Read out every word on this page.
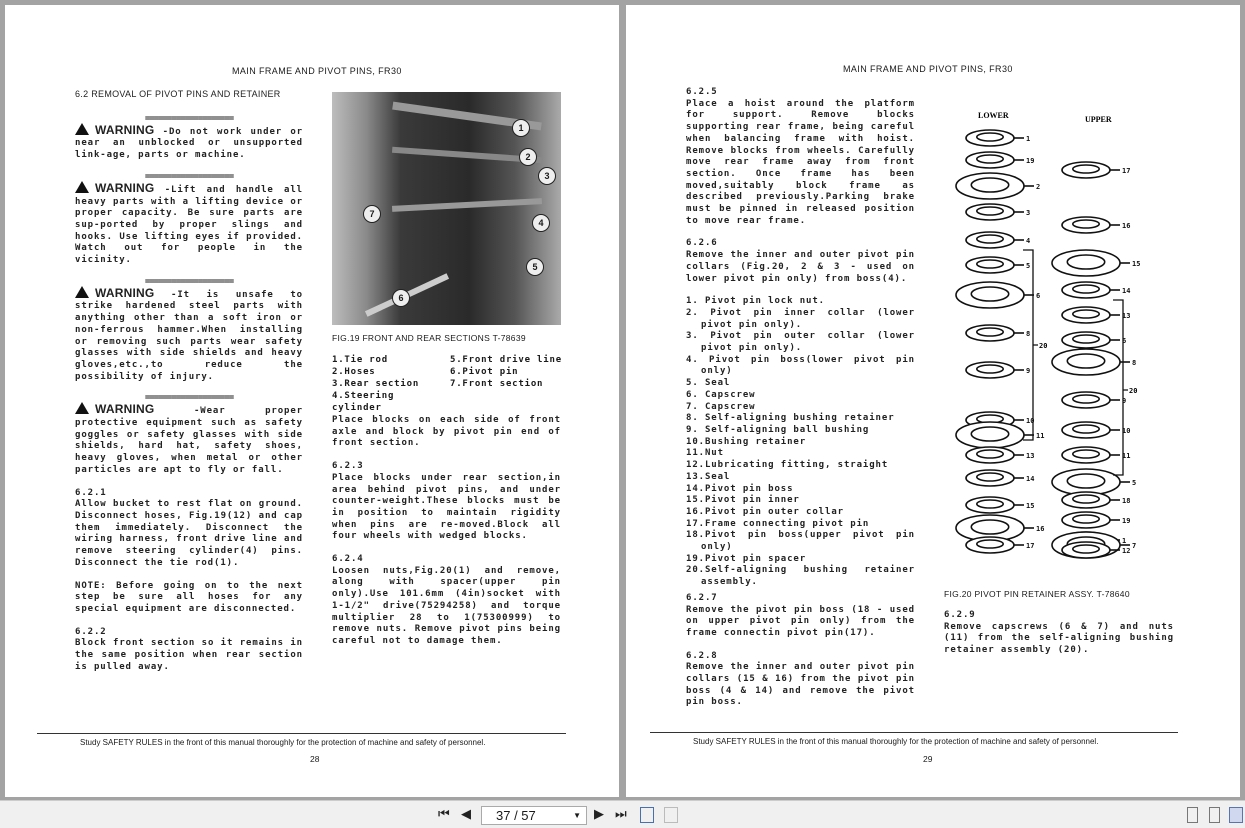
MAIN FRAME AND PIVOT PINS, FR30
6.2 REMOVAL OF PIVOT PINS AND RETAINER
====================

WARNING -Do not work under or near an unblocked or unsupported link-age, parts or machine.

====================

WARNING -Lift and handle all heavy parts with a lifting device or proper capacity. Be sure parts are sup-ported by proper slings and hooks. Use lifting eyes if provided. Watch out for people in the vicinity.

====================

WARNING -It is unsafe to strike hardened steel parts with anything other than a soft iron or non-ferrous hammer.When installing or removing such parts wear safety glasses with side shields and heavy gloves,etc.,to reduce the possibility of injury.

====================

WARNING	-Wear proper protective equipment such as safety goggles or safety glasses with side shields, hard hat, safety shoes, heavy gloves, when metal or other particles are apt to fly or fall.

6.2.1

Allow bucket to rest flat on ground. Disconnect hoses, Fig.19(12) and cap them immediately. Disconnect the wiring harness, front drive line and remove steering cylinder(4) pins. Disconnect the tie rod(1).

NOTE: Before going on to the next step be sure all hoses for any special equipment are disconnected.

6.2.2

Block front section so it remains in the same position when rear section is pulled away.

1
2
3
4
5
6
7
FIG.19 FRONT AND REAR SECTIONS T-78639
1.Tie rod	5.Front drive line
2.Hoses	6.Pivot pin
3.Rear section	7.Front section
4.Steering cylinder

Place blocks on each side of front axle and block by pivot pin end of front section.

6.2.3

Place blocks under rear section,in area behind pivot pins, and under counter-weight.These blocks must be in position to maintain rigidity when pins are re-moved.Block all four wheels with wedged blocks.

6.2.4

Loosen nuts,Fig.20(1) and remove, along with spacer(upper pin only).Use 101.6mm (4in)socket with 1-1/2" drive(75294258) and torque multiplier 28 to 1(75300999) to remove nuts. Remove pivot pins being careful not to damage them.

Study SAFETY RULES in the front of this manual thoroughly for the protection of machine and safety of personnel.
28
MAIN FRAME AND PIVOT PINS, FR30
6.2.5

Place a hoist around the platform for support. Remove blocks supporting rear frame, being careful when balancing frame with hoist. Remove blocks from wheels. Carefully move rear frame away from front section. Once frame has been moved,suitably block frame as described previously.Parking brake must be pinned in released position to move rear frame.

6.2.6

Remove the inner and outer pivot pin collars (Fig.20, 2 & 3 - used on lower pivot pin only) from boss(4).

1. Pivot pin lock nut.
2. Pivot pin inner collar (lower pivot pin only).
3. Pivot pin outer collar (lower pivot pin only).
4. Pivot pin boss(lower pivot pin only)
5. Seal
6. Capscrew
7. Capscrew
8. Self-aligning bushing retainer
9. Self-aligning ball bushing
10.Bushing retainer
11.Nut
12.Lubricating fitting, straight
13.Seal
14.Pivot pin boss
15.Pivot pin inner
16.Pivot pin outer collar
17.Frame connecting pivot pin
18.Pivot pin boss(upper pivot pin only)
19.Pivot pin spacer
20.Self-aligning bushing retainer assembly.

6.2.7

Remove the pivot pin boss (18 - used on upper pivot pin only) from the frame connectin pivot pin(17).

6.2.8

Remove the inner and outer pivot pin collars (15 & 16) from the pivot pin boss (4 & 14) and remove the pivot pin boss.

LOWER	UPPER
1
19
2
3
4
5
6
8
9
10
11
13
14
15
16
17
17
16
15
14
13
6
8
9
10
11
5
18
19
1
7
12
20
20
FIG.20 PIVOT PIN RETAINER ASSY. T-78640
6.2.9

Remove capscrews (6 & 7) and nuts (11) from the self-aligning bushing retainer assembly (20).

Study SAFETY RULES in the front of this manual thoroughly for the protection of machine and safety of personnel.
29
⏮ ◀	37 / 57	▼ ▶ ⏭
